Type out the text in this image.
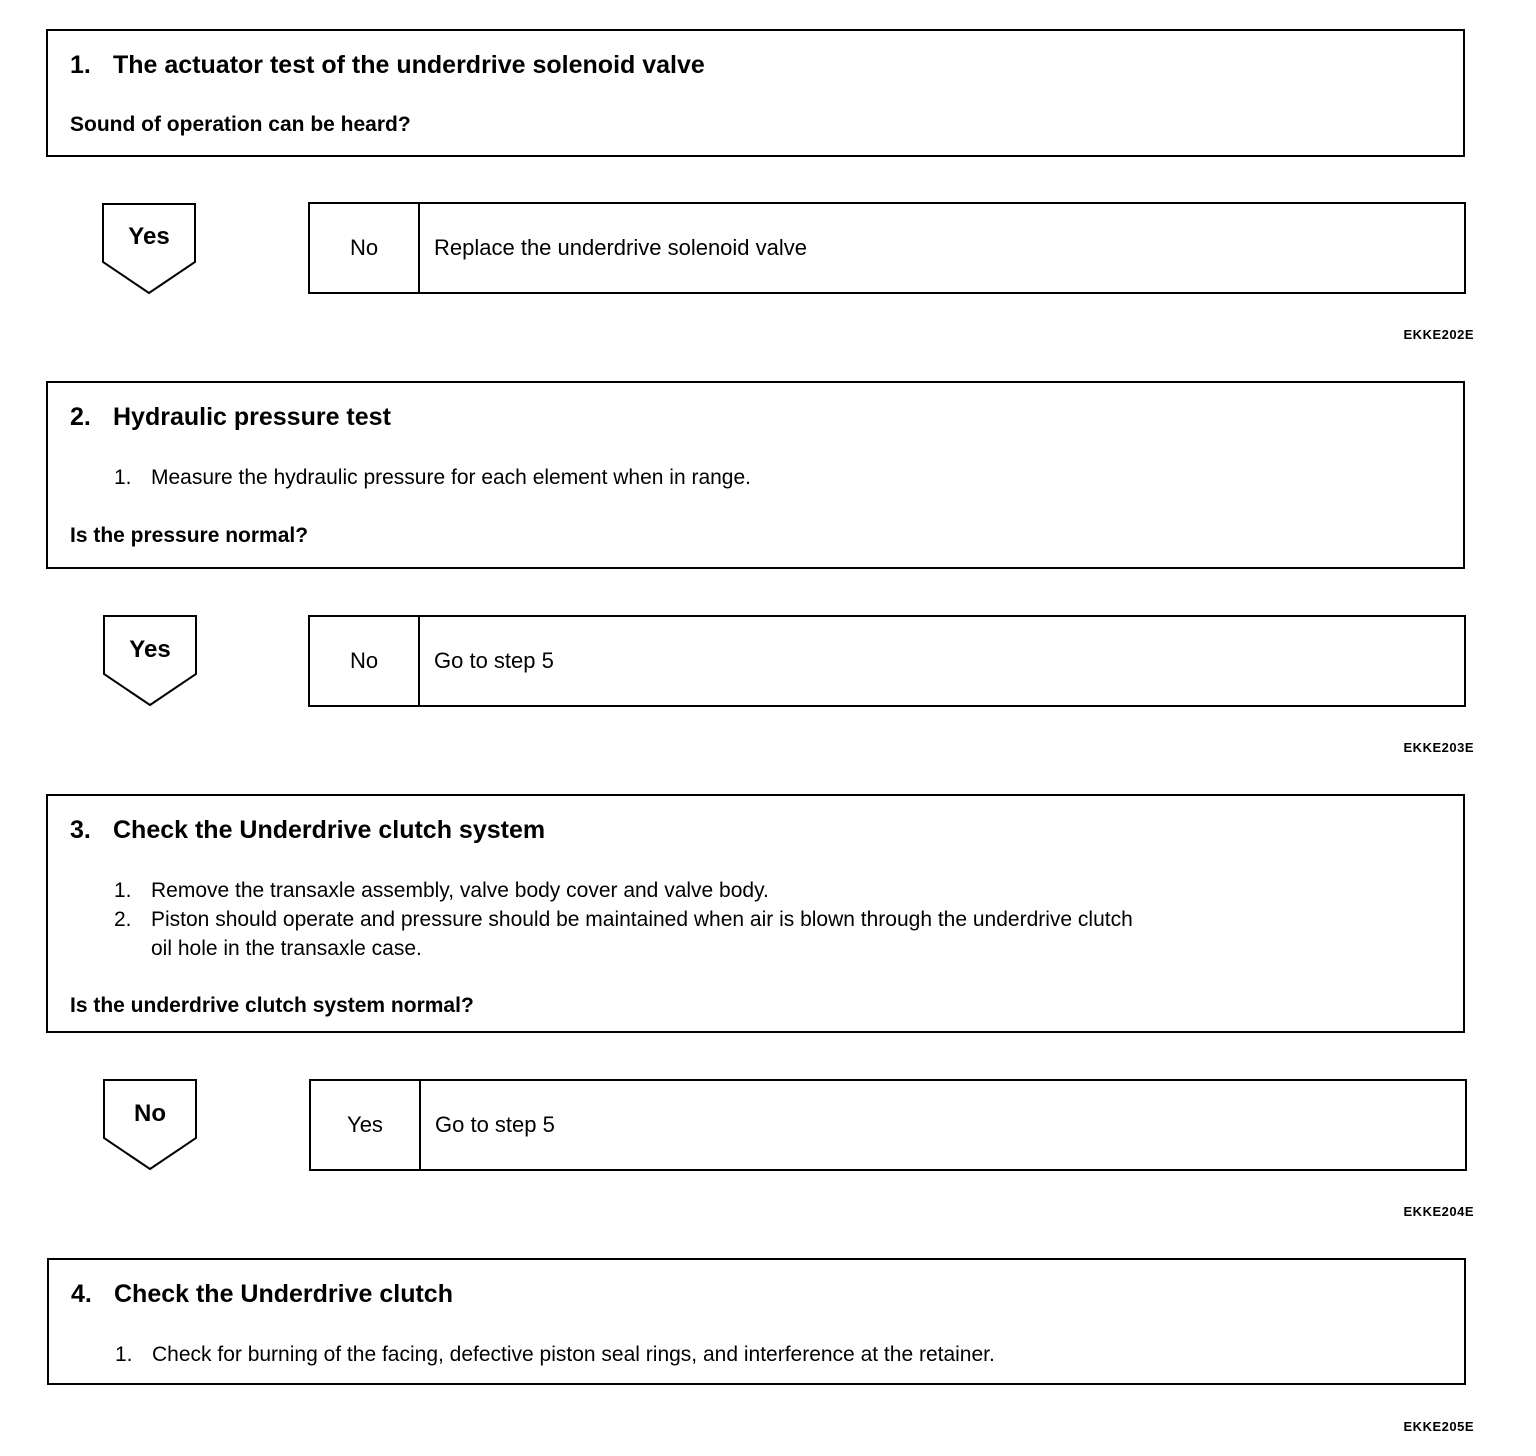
1. The actuator test of the underdrive solenoid valve
Sound of operation can be heard?
Yes	No	Replace the underdrive solenoid valve
EKKE202E
2. Hydraulic pressure test
1. Measure the hydraulic pressure for each element when in range.
Is the pressure normal?
Yes	No	Go to step 5
EKKE203E
3. Check the Underdrive clutch system
1. Remove the transaxle assembly, valve body cover and valve body.
2. Piston should operate and pressure should be maintained when air is blown through the underdrive clutch
oil hole in the transaxle case.
Is the underdrive clutch system normal?
No	Yes	Go to step 5
EKKE204E
4. Check the Underdrive clutch
1. Check for burning of the facing, defective piston seal rings, and interference at the retainer.
EKKE205E
